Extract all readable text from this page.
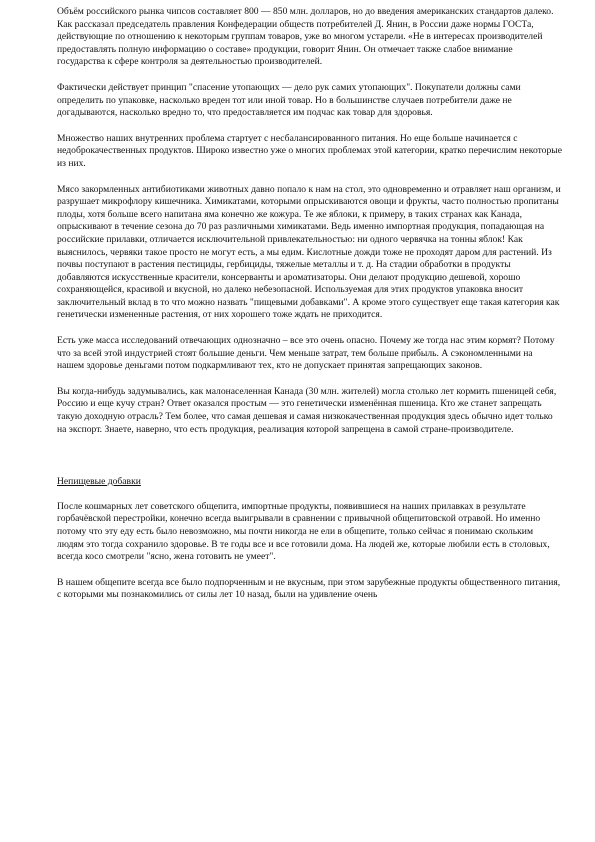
Объём российского рынка чипсов составляет 800 — 850 млн. долларов, но до введения американских стандартов далеко. Как рассказал председатель правления Конфедерации обществ потребителей Д. Янин, в России даже нормы ГОСТа, действующие по отношению к некоторым группам товаров, уже во многом устарели. «Не в интересах производителей предоставлять полную информацию о составе» продукции, говорит Янин. Он отмечает также слабое внимание государства к сфере контроля за деятельностью производителей.

Фактически действует принцип "спасение утопающих — дело рук самих утопающих". Покупатели должны сами определить по упаковке, насколько вреден тот или иной товар. Но в большинстве случаев потребители даже не догадываются, насколько вредно то, что предоставляется им подчас как товар для здоровья.

Множество наших внутренних проблема стартует с несбалансированного питания. Но еще больше начинается с недоброкачественных продуктов. Широко известно уже о многих проблемах этой категории, кратко перечислим некоторые из них.

Мясо закормленных антибиотиками животных давно попало к нам на стол, это одновременно и отравляет наш организм, и разрушает микрофлору кишечника. Химикатами, которыми опрыскиваются овощи и фрукты, часто полностью пропитаны плоды, хотя больше всего напитана яма конечно же кожура. Те же яблоки, к примеру, в таких странах как Канада, опрыскивают в течение сезона до 70 раз различными химикатами. Ведь именно импортная продукция, попадающая на российские прилавки, отличается исключительной привлекательностью: ни одного червячка на тонны яблок! Как выяснилось, червяки такое просто не могут есть, а мы едим. Кислотные дожди тоже не проходят даром для растений. Из почвы поступают в растения пестициды, гербициды, тяжелые металлы и т. д. На стадии обработки в продукты добавляются искусственные красители, консерванты и ароматизаторы. Они делают продукцию дешевой, хорошо сохраняющейся, красивой и вкусной, но далеко небезопасной. Используемая для этих продуктов упаковка вносит заключительный вклад в то что можно назвать "пищевыми добавками". А кроме этого существует еще такая категория как генетически измененные растения, от них хорошего тоже ждать не приходится.

Есть уже масса исследований отвечающих однозначно – все это очень опасно. Почему же тогда нас этим кормят? Потому что за всей этой индустрией стоят большие деньги. Чем меньше затрат, тем больше прибыль. А сэкономленными на нашем здоровье деньгами потом подкармливают тех, кто не допускает принятая запрещающих законов.

Вы когда-нибудь задумывались, как малонаселенная Канада (30 млн. жителей) могла столько лет кормить пшеницей себя, Россию и еще кучу стран? Ответ оказался простым — это генетически изменённая пшеница. Кто же станет запрещать такую доходную отрасль? Тем более, что самая дешевая и самая низкокачественная продукция здесь обычно идет только на экспорт. Знаете, наверно, что есть продукция, реализация которой запрещена в самой стране-производителе.

Непищевые добавки

После кошмарных лет советского общепита, импортные продукты, появившиеся на наших прилавках в результате горбачёвской перестройки, конечно всегда выигрывали в сравнении с привычной общепитовской отравой. Но именно потому что эту еду есть было невозможно, мы почти никогда не ели в общепите, только сейчас я понимаю скольким людям это тогда сохранило здоровье. В те годы все и все готовили дома. На людей же, которые любили есть в столовых, всегда косо смотрели "ясно, жена готовить не умеет".

В нашем общепите всегда все было подпорченным и не вкусным, при этом зарубежные продукты общественного питания, с которыми мы познакомились от силы лет 10 назад, были на удивление очень
